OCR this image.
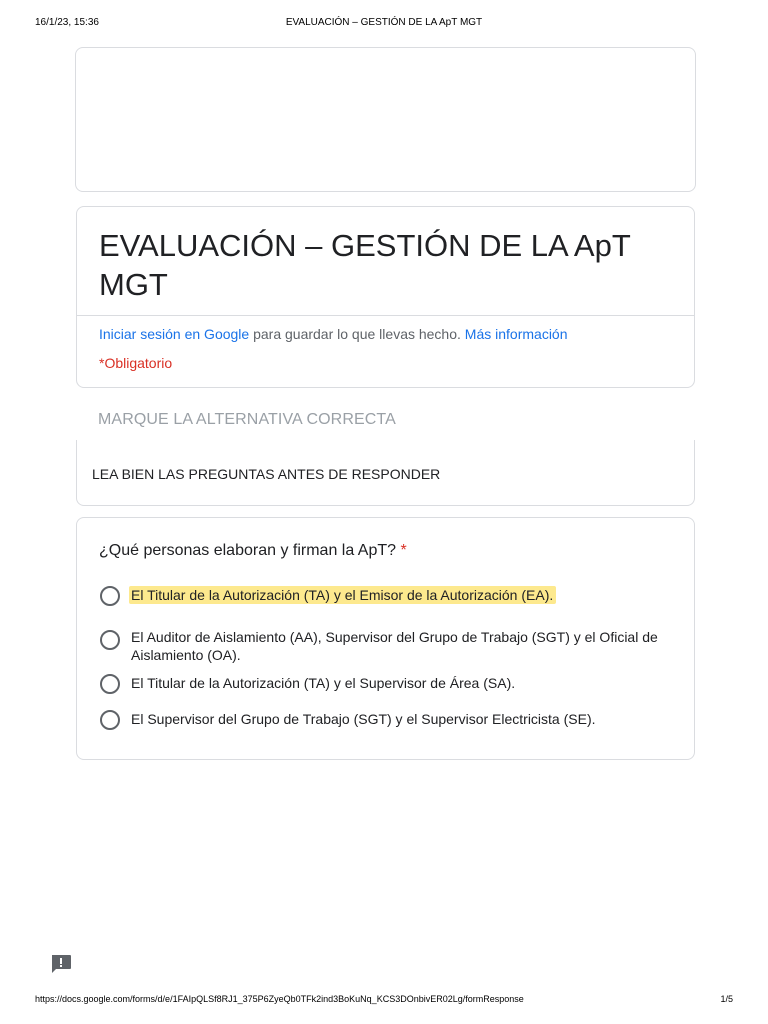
16/1/23, 15:36	EVALUACIÓN – GESTIÓN DE LA ApT MGT
EVALUACIÓN – GESTIÓN DE LA ApT MGT
Iniciar sesión en Google para guardar lo que llevas hecho. Más información
*Obligatorio
MARQUE LA ALTERNATIVA CORRECTA
LEA BIEN LAS PREGUNTAS ANTES DE RESPONDER
¿Qué personas elaboran y firman la ApT? *
El Titular de la Autorización (TA) y el Emisor de la Autorización (EA).
El Auditor de Aislamiento (AA), Supervisor del Grupo de Trabajo (SGT) y el Oficial de Aislamiento (OA).
El Titular de la Autorización (TA) y el Supervisor de Área (SA).
El Supervisor del Grupo de Trabajo (SGT) y el Supervisor Electricista (SE).
https://docs.google.com/forms/d/e/1FAIpQLSf8RJ1_375P6ZyeQb0TFk2ind3BoKuNq_KCS3DOnbivER02Lg/formResponse	1/5
